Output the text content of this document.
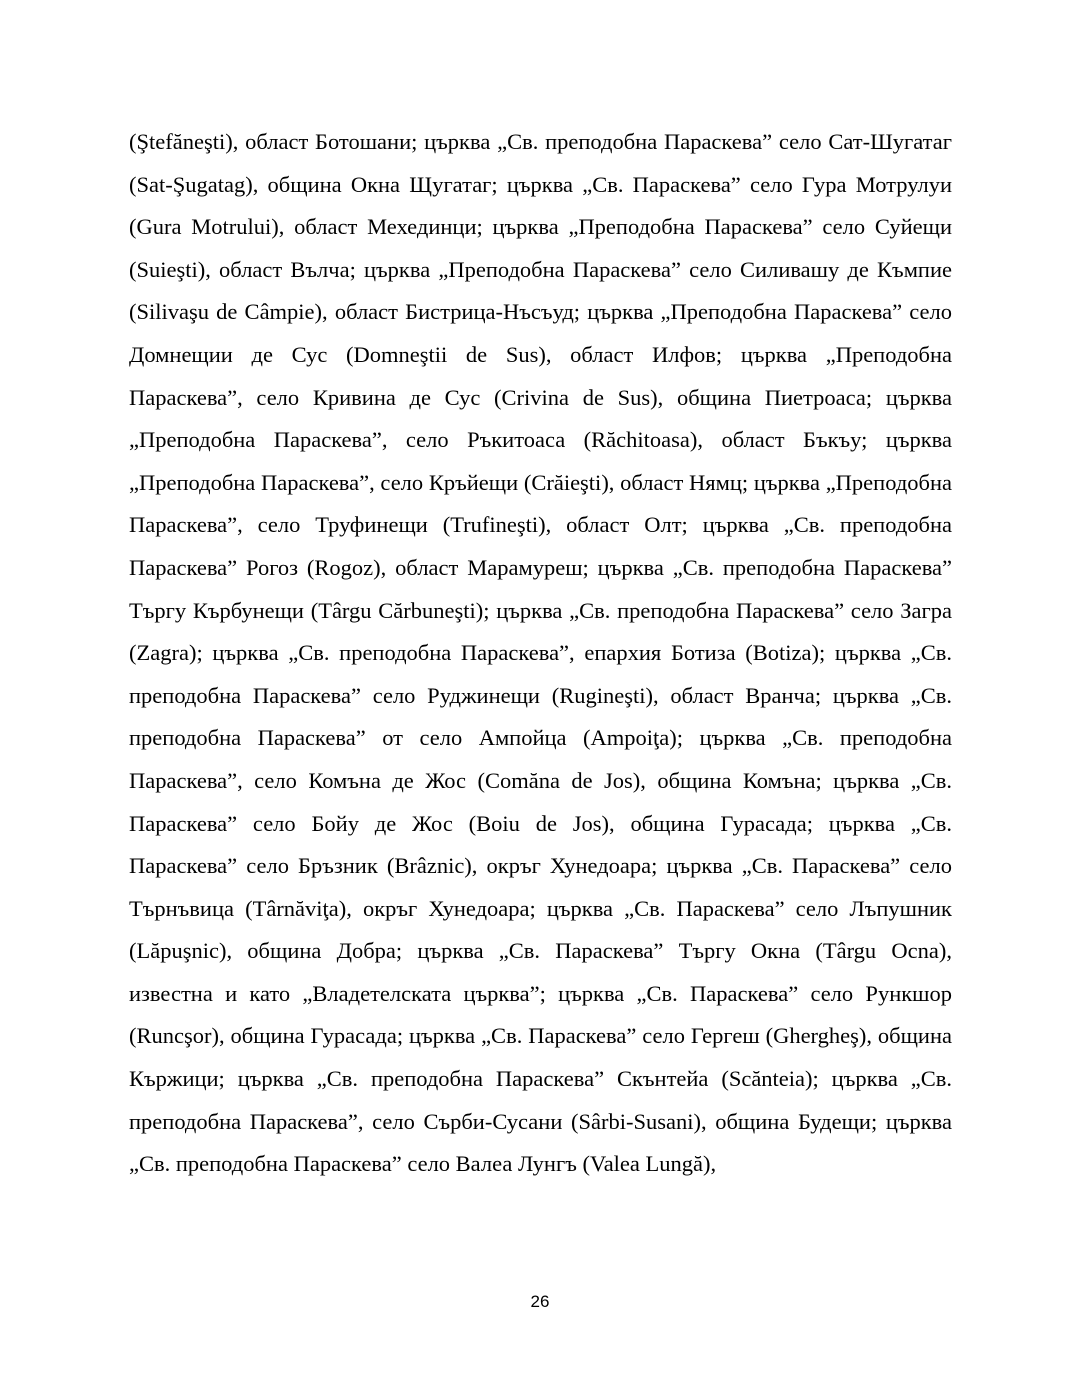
(Ştefăneşti), област Ботошани; църква „Св. преподобна Параскева” село Сат-Шугатаг (Sat-Şugatag), община Окна Щугатаг; църква „Св. Параскева” село Гура Мотрулуи (Gura Motrului), област Мехединци; църква „Преподобна Параскева” село Суйещи (Suieşti), област Вълча; църква „Преподобна Параскева” село Силивашу де Къмпие (Silivaşu de Câmpie), област Бистрица-Нъсъуд; църква „Преподобна Параскева” село Домнещии де Сус (Domneştii de Sus), област Илфов; църква „Преподобна Параскева”, село Кривина де Сус (Crivina de Sus), община Пиетроаса; църква „Преподобна Параскева”, село Ръкитоаса (Răchitoasa), област Бъкъу; църква „Преподобна Параскева”, село Кръйещи (Crăieşti), област Нямц; църква „Преподобна Параскева”, село Труфинещи (Trufineşti), област Олт; църква „Св. преподобна Параскева” Рогоз (Rogoz), област Марамуреш; църква „Св. преподобна Параскева” Търгу Кърбунещи (Târgu Cărbuneşti); църква „Св. преподобна Параскева” село Загра (Zagra); църква „Св. преподобна Параскева”, епархия Ботиза (Botiza); църква „Св. преподобна Параскева” село Руджинещи (Rugineşti), област Вранча; църква „Св. преподобна Параскева” от село Ампойца (Ampoiţa); църква „Св. преподобна Параскева”, село Комъна де Жос (Comăna de Jos), община Комъна; църква „Св. Параскева” село Бойу де Жос (Boiu de Jos), община Гурасада; църква „Св. Параскева” село Бръзник (Brâznic), окръг Хунедоара; църква „Св. Параскева” село Търнъвица (Târnăviţa), окръг Хунедоара; църква „Св. Параскева” село Лъпушник (Lăpuşnic), община Добра; църква „Св. Параскева” Търгу Окна (Târgu Ocna), известна и като „Владетелската църква”; църква „Св. Параскева” село Рункшор (Runcşor), община Гурасада; църква „Св. Параскева” село Гергеш (Ghergheş), община Кържици; църква „Св. преподобна Параскева” Скънтейа (Scănteia); църква „Св. преподобна Параскева”, село Сърби-Сусани (Sârbi-Susani), община Будещи; църква „Св. преподобна Параскева” село Валеа Лунгъ (Valea Lungă),

26
